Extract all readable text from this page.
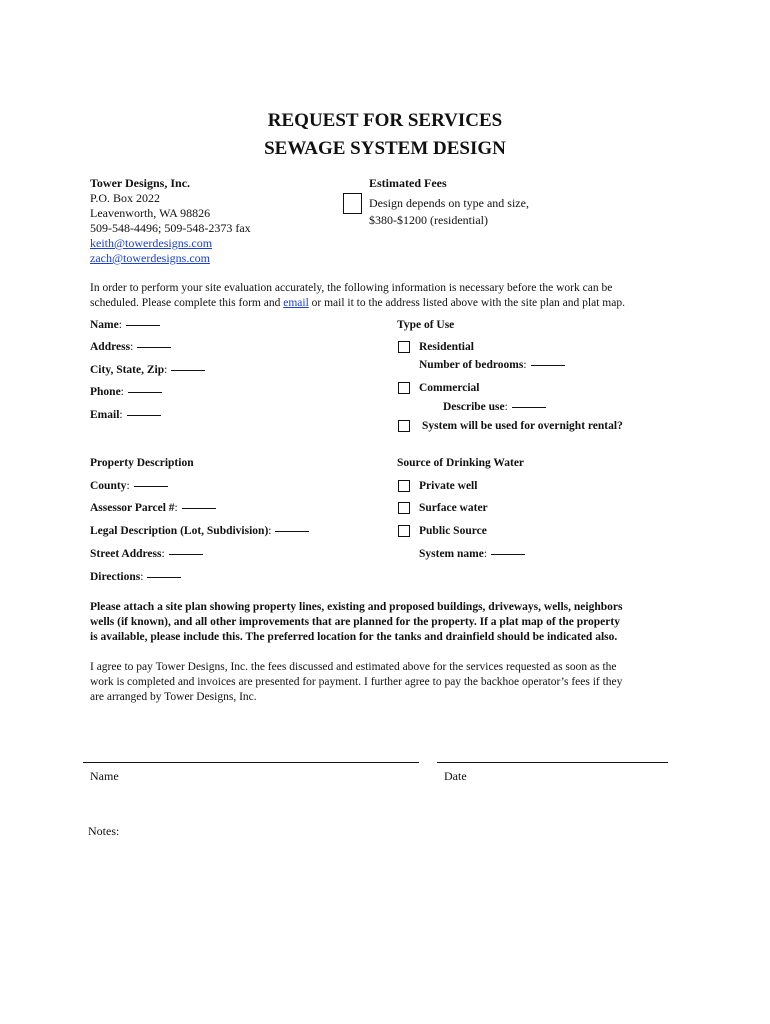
REQUEST FOR SERVICES
SEWAGE SYSTEM DESIGN
Tower Designs, Inc.
P.O. Box 2022
Leavenworth, WA 98826
509-548-4496; 509-548-2373 fax
keith@towerdesigns.com
zach@towerdesigns.com
Estimated Fees
Design depends on type and size,
$380-$1200 (residential)
In order to perform your site evaluation accurately, the following information is necessary before the work can be
scheduled. Please complete this form and email or mail it to the address listed above with the site plan and plat map.
Name:
Address:
City, State, Zip:
Phone:
Email:
Type of Use
Residential
Number of bedrooms:
Commercial
Describe use:
System will be used for overnight rental?
Property Description
County:
Assessor Parcel #:
Legal Description (Lot, Subdivision):
Street Address:
Directions:
Source of Drinking Water
Private well
Surface water
Public Source
System name:
Please attach a site plan showing property lines, existing and proposed buildings, driveways, wells, neighbors
wells (if known), and all other improvements that are planned for the property. If a plat map of the property
is available, please include this. The preferred location for the tanks and drainfield should be indicated also.
I agree to pay Tower Designs, Inc. the fees discussed and estimated above for the services requested as soon as the
work is completed and invoices are presented for payment. I further agree to pay the backhoe operator’s fees if they
are arranged by Tower Designs, Inc.
Name	Date
Notes:
